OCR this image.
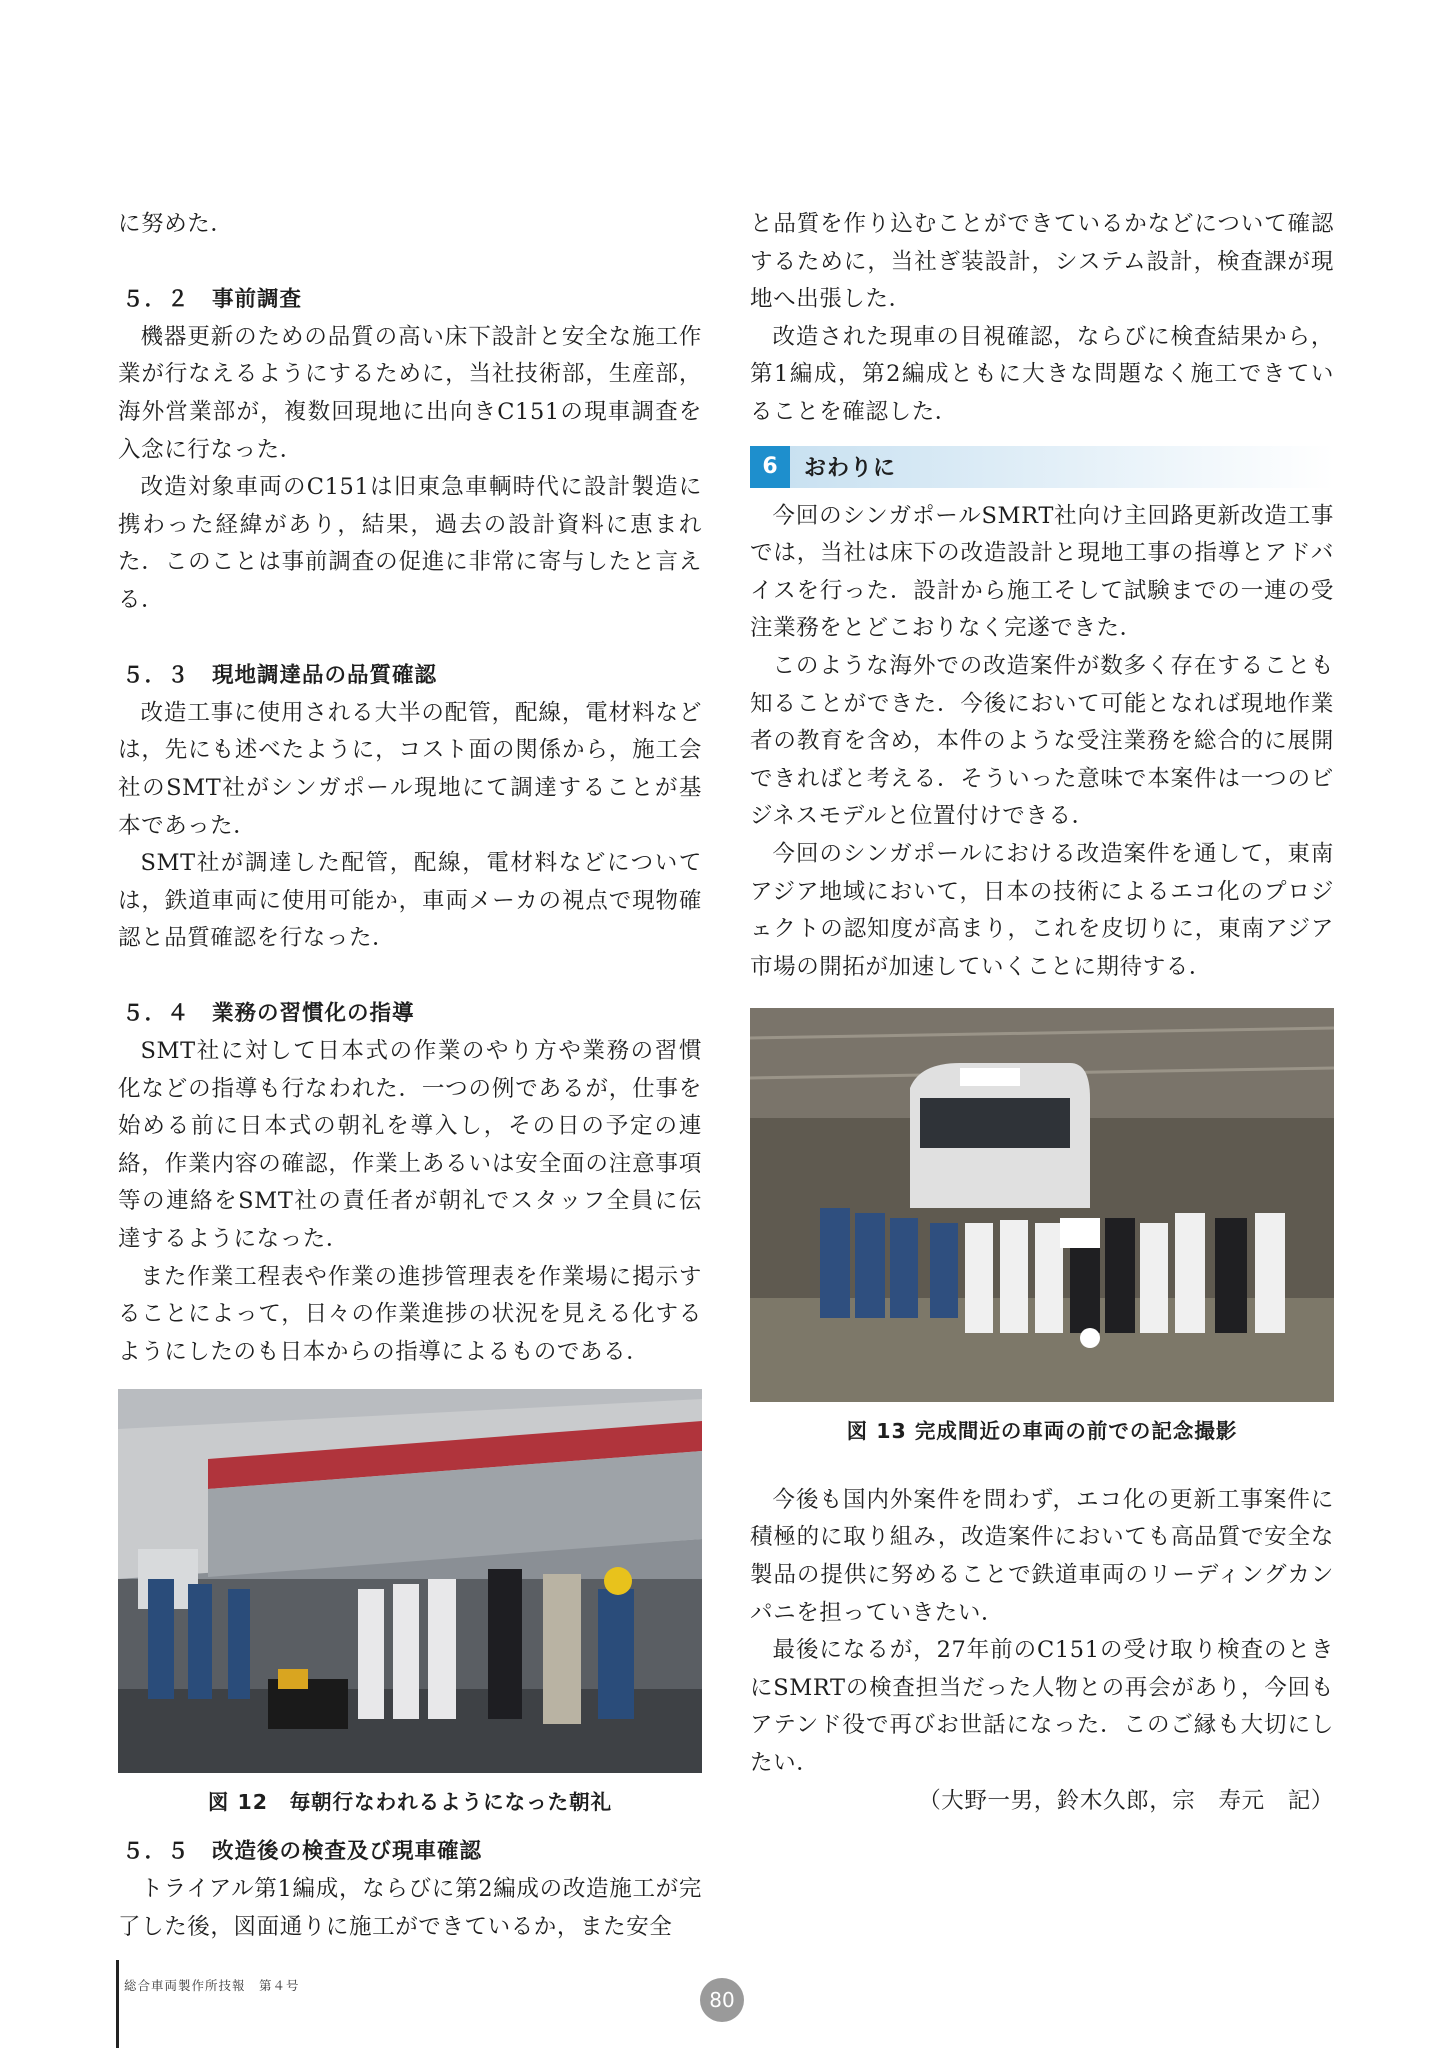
に努めた．

５．２　事前調査

機器更新のための品質の高い床下設計と安全な施工作業が行なえるようにするために，当社技術部，生産部，海外営業部が，複数回現地に出向きC151の現車調査を入念に行なった．

改造対象車両のC151は旧東急車輌時代に設計製造に携わった経緯があり，結果，過去の設計資料に恵まれた．このことは事前調査の促進に非常に寄与したと言える．

５．３　現地調達品の品質確認

改造工事に使用される大半の配管，配線，電材料などは，先にも述べたように，コスト面の関係から，施工会社のSMT社がシンガポール現地にて調達することが基本であった．

SMT社が調達した配管，配線，電材料などについては，鉄道車両に使用可能か，車両メーカの視点で現物確認と品質確認を行なった．

５．４　業務の習慣化の指導

SMT社に対して日本式の作業のやり方や業務の習慣化などの指導も行なわれた．一つの例であるが，仕事を始める前に日本式の朝礼を導入し，その日の予定の連絡，作業内容の確認，作業上あるいは安全面の注意事項等の連絡をSMT社の責任者が朝礼でスタッフ全員に伝達するようになった．

また作業工程表や作業の進捗管理表を作業場に掲示することによって，日々の作業進捗の状況を見える化するようにしたのも日本からの指導によるものである．

図 12　毎朝行なわれるようになった朝礼

５．５　改造後の検査及び現車確認

トライアル第1編成，ならびに第2編成の改造施工が完了した後，図面通りに施工ができているか，また安全

と品質を作り込むことができているかなどについて確認するために，当社ぎ装設計，システム設計，検査課が現地へ出張した．

改造された現車の目視確認，ならびに検査結果から，第1編成，第2編成ともに大きな問題なく施工できていることを確認した．

6	おわりに

今回のシンガポールSMRT社向け主回路更新改造工事では，当社は床下の改造設計と現地工事の指導とアドバイスを行った．設計から施工そして試験までの一連の受注業務をとどこおりなく完遂できた．

このような海外での改造案件が数多く存在することも知ることができた．今後において可能となれば現地作業者の教育を含め，本件のような受注業務を総合的に展開できればと考える．そういった意味で本案件は一つのビジネスモデルと位置付けできる．

今回のシンガポールにおける改造案件を通して，東南アジア地域において，日本の技術によるエコ化のプロジェクトの認知度が高まり，これを皮切りに，東南アジア市場の開拓が加速していくことに期待する．

図 13 完成間近の車両の前での記念撮影

今後も国内外案件を問わず，エコ化の更新工事案件に積極的に取り組み，改造案件においても高品質で安全な製品の提供に努めることで鉄道車両のリーディングカンパニを担っていきたい．

最後になるが，27年前のC151の受け取り検査のときにSMRTの検査担当だった人物との再会があり，今回もアテンド役で再びお世話になった．このご縁も大切にしたい．

（大野一男，鈴木久郎，宗　寿元　記）

総合車両製作所技報　第４号
80
